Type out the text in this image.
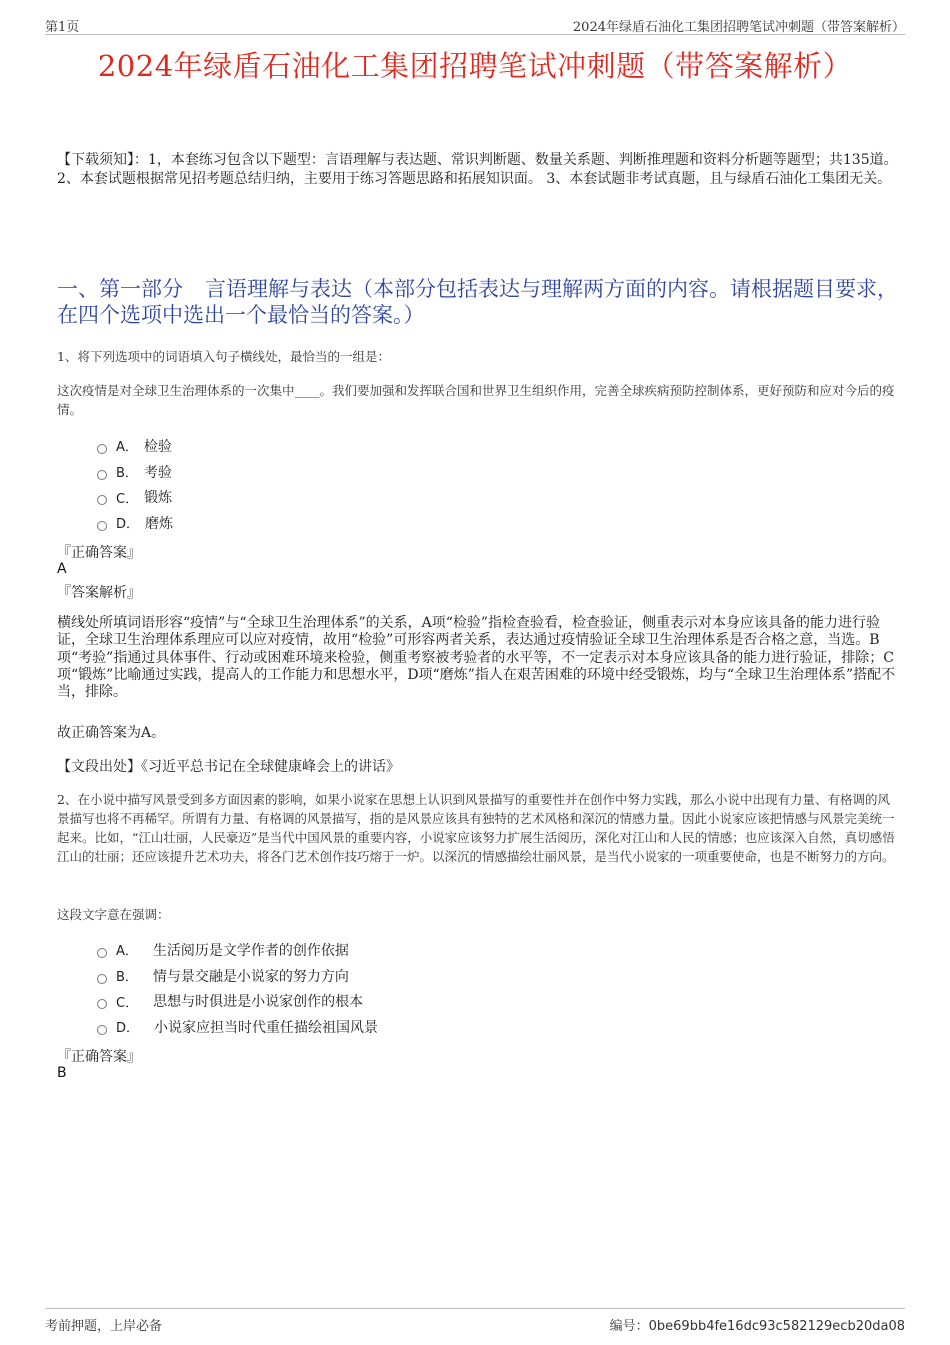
第1页	2024年绿盾石油化工集团招聘笔试冲刺题（带答案解析）
2024年绿盾石油化工集团招聘笔试冲刺题（带答案解析）
【下载须知】：1，本套练习包含以下题型：言语理解与表达题、常识判断题、数量关系题、判断推理题和资料分析题等题型；共135道。 2、本套试题根据常见招考题总结归纳，主要用于练习答题思路和拓展知识面。 3、本套试题非考试真题，且与绿盾石油化工集团无关。
一、第一部分 言语理解与表达（本部分包括表达与理解两方面的内容。请根据题目要求，在四个选项中选出一个最恰当的答案。）
1、将下列选项中的词语填入句子横线处，最恰当的一组是：
这次疫情是对全球卫生治理体系的一次集中____。我们要加强和发挥联合国和世界卫生组织作用，完善全球疾病预防控制体系，更好预防和应对今后的疫情。
A． 检验
B． 考验
C． 锻炼
D． 磨炼
『正确答案』
A
『答案解析』
横线处所填词语形容“疫情”与“全球卫生治理体系”的关系，A项“检验”指检查验看，检查验证，侧重表示对本身应该具备的能力进行验证，全球卫生治理体系理应可以应对疫情，故用“检验”可形容两者关系，表达通过疫情验证全球卫生治理体系是否合格之意，当选。B项“考验”指通过具体事件、行动或困难环境来检验，侧重考察被考验者的水平等，不一定表示对本身应该具备的能力进行验证，排除；C项“锻炼”比喻通过实践，提高人的工作能力和思想水平，D项“磨炼”指人在艰苦困难的环境中经受锻炼，均与“全球卫生治理体系”搭配不当，排除。
故正确答案为A。
【文段出处】《习近平总书记在全球健康峰会上的讲话》
2、在小说中描写风景受到多方面因素的影响，如果小说家在思想上认识到风景描写的重要性并在创作中努力实践，那么小说中出现有力量、有格调的风景描写也将不再稀罕。所谓有力量、有格调的风景描写，指的是风景应该具有独特的艺术风格和深沉的情感力量。因此小说家应该把情感与风景完美统一起来。比如，“江山壮丽，人民豪迈”是当代中国风景的重要内容，小说家应该努力扩展生活阅历，深化对江山和人民的情感；也应该深入自然，真切感悟江山的壮丽；还应该提升艺术功夫，将各门艺术创作技巧熔于一炉。以深沉的情感描绘壮丽风景，是当代小说家的一项重要使命，也是不断努力的方向。
这段文字意在强调：
A． 生活阅历是文学作者的创作依据
B． 情与景交融是小说家的努力方向
C． 思想与时俱进是小说家创作的根本
D． 小说家应担当时代重任描绘祖国风景
『正确答案』
B
考前押题，上岸必备	编号：0be69bb4fe16dc93c582129ecb20da08
